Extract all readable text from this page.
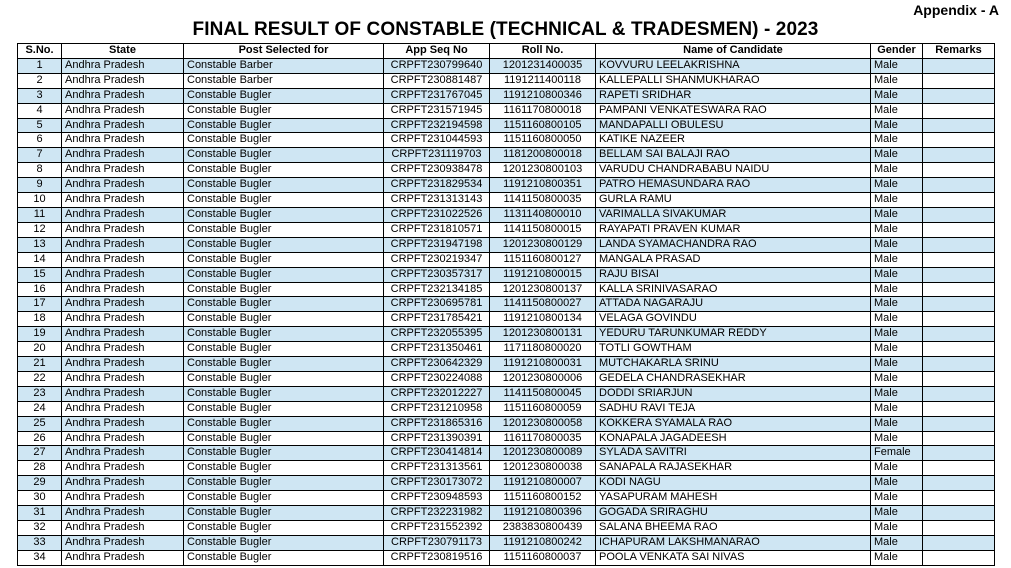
Appendix - A
FINAL RESULT OF CONSTABLE (TECHNICAL & TRADESMEN) - 2023
S.No.	State	Post Selected for	App Seq No	Roll No.	Name of Candidate	Gender	Remarks
1	Andhra Pradesh	Constable Barber	CRPFT230799640	1201231400035	KOVVURU LEELAKRISHNA	Male	
2	Andhra Pradesh	Constable Barber	CRPFT230881487	1191211400118	KALLEPALLI SHANMUKHARAO	Male	
3	Andhra Pradesh	Constable Bugler	CRPFT231767045	1191210800346	RAPETI SRIDHAR	Male	
4	Andhra Pradesh	Constable Bugler	CRPFT231571945	1161170800018	PAMPANI VENKATESWARA RAO	Male	
5	Andhra Pradesh	Constable Bugler	CRPFT232194598	1151160800105	MANDAPALLI OBULESU	Male	
6	Andhra Pradesh	Constable Bugler	CRPFT231044593	1151160800050	KATIKE NAZEER	Male	
7	Andhra Pradesh	Constable Bugler	CRPFT231119703	1181200800018	BELLAM SAI BALAJI RAO	Male	
8	Andhra Pradesh	Constable Bugler	CRPFT230938478	1201230800103	VARUDU CHANDRABABU NAIDU	Male	
9	Andhra Pradesh	Constable Bugler	CRPFT231829534	1191210800351	PATRO HEMASUNDARA RAO	Male	
10	Andhra Pradesh	Constable Bugler	CRPFT231313143	1141150800035	GURLA RAMU	Male	
11	Andhra Pradesh	Constable Bugler	CRPFT231022526	1131140800010	VARIMALLA SIVAKUMAR	Male	
12	Andhra Pradesh	Constable Bugler	CRPFT231810571	1141150800015	RAYAPATI PRAVEN KUMAR	Male	
13	Andhra Pradesh	Constable Bugler	CRPFT231947198	1201230800129	LANDA SYAMACHANDRA RAO	Male	
14	Andhra Pradesh	Constable Bugler	CRPFT230219347	1151160800127	MANGALA PRASAD	Male	
15	Andhra Pradesh	Constable Bugler	CRPFT230357317	1191210800015	RAJU BISAI	Male	
16	Andhra Pradesh	Constable Bugler	CRPFT232134185	1201230800137	KALLA SRINIVASARAO	Male	
17	Andhra Pradesh	Constable Bugler	CRPFT230695781	1141150800027	ATTADA NAGARAJU	Male	
18	Andhra Pradesh	Constable Bugler	CRPFT231785421	1191210800134	VELAGA GOVINDU	Male	
19	Andhra Pradesh	Constable Bugler	CRPFT232055395	1201230800131	YEDURU TARUNKUMAR REDDY	Male	
20	Andhra Pradesh	Constable Bugler	CRPFT231350461	1171180800020	TOTLI GOWTHAM	Male	
21	Andhra Pradesh	Constable Bugler	CRPFT230642329	1191210800031	MUTCHAKARLA SRINU	Male	
22	Andhra Pradesh	Constable Bugler	CRPFT230224088	1201230800006	GEDELA CHANDRASEKHAR	Male	
23	Andhra Pradesh	Constable Bugler	CRPFT232012227	1141150800045	DODDI SRIARJUN	Male	
24	Andhra Pradesh	Constable Bugler	CRPFT231210958	1151160800059	SADHU RAVI TEJA	Male	
25	Andhra Pradesh	Constable Bugler	CRPFT231865316	1201230800058	KOKKERA SYAMALA RAO	Male	
26	Andhra Pradesh	Constable Bugler	CRPFT231390391	1161170800035	KONAPALA JAGADEESH	Male	
27	Andhra Pradesh	Constable Bugler	CRPFT230414814	1201230800089	SYLADA SAVITRI	Female	
28	Andhra Pradesh	Constable Bugler	CRPFT231313561	1201230800038	SANAPALA RAJASEKHAR	Male	
29	Andhra Pradesh	Constable Bugler	CRPFT230173072	1191210800007	KODI NAGU	Male	
30	Andhra Pradesh	Constable Bugler	CRPFT230948593	1151160800152	YASAPURAM MAHESH	Male	
31	Andhra Pradesh	Constable Bugler	CRPFT232231982	1191210800396	GOGADA SRIRAGHU	Male	
32	Andhra Pradesh	Constable Bugler	CRPFT231552392	2383830800439	SALANA BHEEMA RAO	Male	
33	Andhra Pradesh	Constable Bugler	CRPFT230791173	1191210800242	ICHAPURAM LAKSHMANARAO	Male	
34	Andhra Pradesh	Constable Bugler	CRPFT230819516	1151160800037	POOLA VENKATA SAI NIVAS	Male	
